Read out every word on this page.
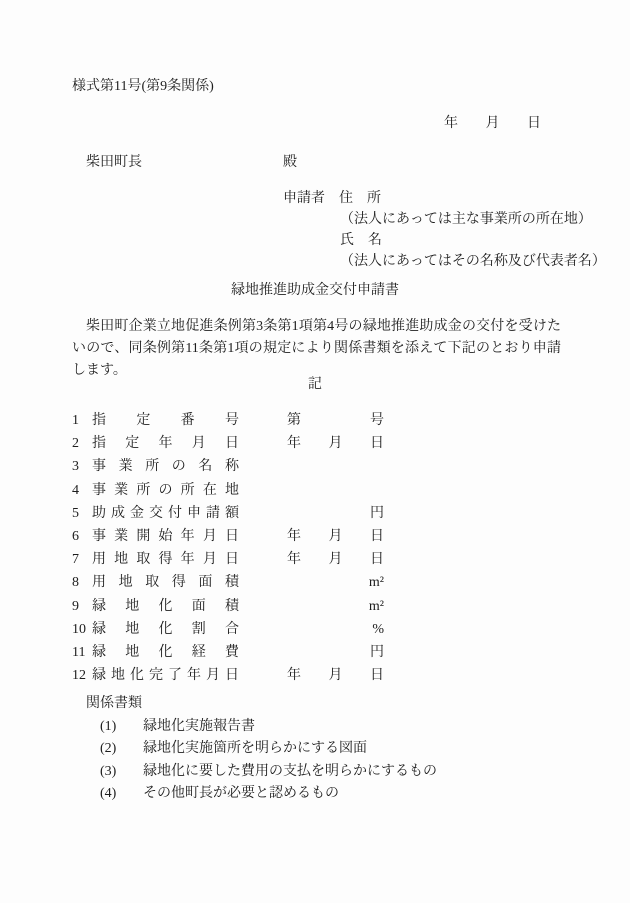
様式第11号(第9条関係)
年 月 日
柴田町長	殿
申請者　住　所
（法人にあっては主な事業所の所在地）
氏　名
（法人にあってはその名称及び代表者名）
緑地推進助成金交付申請書
柴田町企業立地促進条例第3条第1項第4号の緑地推進助成金の交付を受けたいので、同条例第11条第1項の規定により関係書類を添えて下記のとおり申請します。
記
1 指定番号	第	号
2 指定年月日	年 月 日
3 事業所の名称
4 事業所の所在地
5 助成金交付申請額	円
6 事業開始年月日	年 月 日
7 用地取得年月日	年 月 日
8 用地取得面積	m²
9 緑地化面積	m²
10 緑地化割合	%
11 緑地化経費	円
12 緑地化完了年月日	年 月 日
関係書類
(1)	緑地化実施報告書
(2)	緑地化実施箇所を明らかにする図面
(3)	緑地化に要した費用の支払を明らかにするもの
(4)	その他町長が必要と認めるもの
